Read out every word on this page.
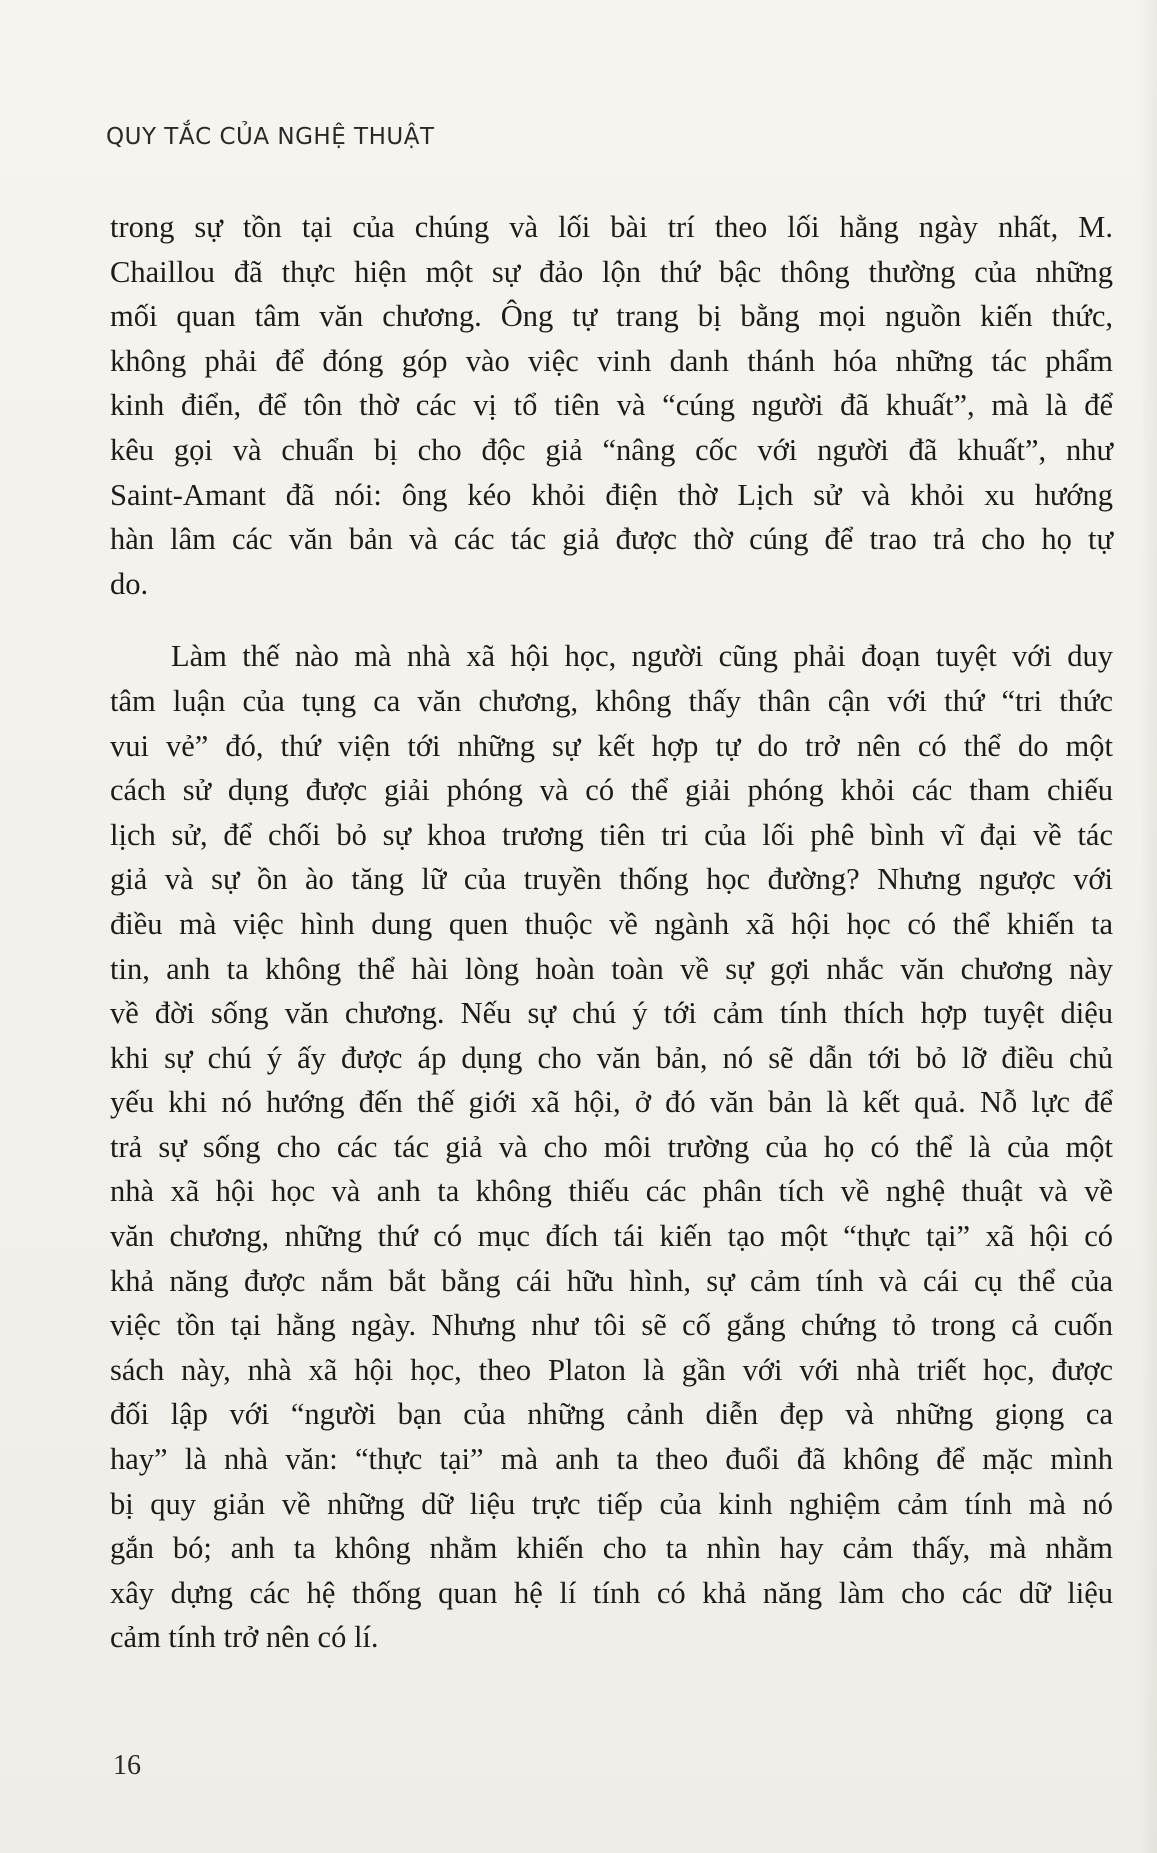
QUY TẮC CỦA NGHỆ THUẬT
trong sự tồn tại của chúng và lối bài trí theo lối hằng ngày nhất, M.
Chaillou đã thực hiện một sự đảo lộn thứ bậc thông thường của những
mối quan tâm văn chương. Ông tự trang bị bằng mọi nguồn kiến thức,
không phải để đóng góp vào việc vinh danh thánh hóa những tác phẩm
kinh điển, để tôn thờ các vị tổ tiên và “cúng người đã khuất”, mà là để
kêu gọi và chuẩn bị cho độc giả “nâng cốc với người đã khuất”, như
Saint-Amant đã nói: ông kéo khỏi điện thờ Lịch sử và khỏi xu hướng
hàn lâm các văn bản và các tác giả được thờ cúng để trao trả cho họ tự
do.
Làm thế nào mà nhà xã hội học, người cũng phải đoạn tuyệt với duy
tâm luận của tụng ca văn chương, không thấy thân cận với thứ “tri thức
vui vẻ” đó, thứ viện tới những sự kết hợp tự do trở nên có thể do một
cách sử dụng được giải phóng và có thể giải phóng khỏi các tham chiếu
lịch sử, để chối bỏ sự khoa trương tiên tri của lối phê bình vĩ đại về tác
giả và sự ồn ào tăng lữ của truyền thống học đường? Nhưng ngược với
điều mà việc hình dung quen thuộc về ngành xã hội học có thể khiến ta
tin, anh ta không thể hài lòng hoàn toàn về sự gợi nhắc văn chương này
về đời sống văn chương. Nếu sự chú ý tới cảm tính thích hợp tuyệt diệu
khi sự chú ý ấy được áp dụng cho văn bản, nó sẽ dẫn tới bỏ lỡ điều chủ
yếu khi nó hướng đến thế giới xã hội, ở đó văn bản là kết quả. Nỗ lực để
trả sự sống cho các tác giả và cho môi trường của họ có thể là của một
nhà xã hội học và anh ta không thiếu các phân tích về nghệ thuật và về
văn chương, những thứ có mục đích tái kiến tạo một “thực tại” xã hội có
khả năng được nắm bắt bằng cái hữu hình, sự cảm tính và cái cụ thể của
việc tồn tại hằng ngày. Nhưng như tôi sẽ cố gắng chứng tỏ trong cả cuốn
sách này, nhà xã hội học, theo Platon là gần với với nhà triết học, được
đối lập với “người bạn của những cảnh diễn đẹp và những giọng ca
hay” là nhà văn: “thực tại” mà anh ta theo đuổi đã không để mặc mình
bị quy giản về những dữ liệu trực tiếp của kinh nghiệm cảm tính mà nó
gắn bó; anh ta không nhằm khiến cho ta nhìn hay cảm thấy, mà nhằm
xây dựng các hệ thống quan hệ lí tính có khả năng làm cho các dữ liệu
cảm tính trở nên có lí.
16
